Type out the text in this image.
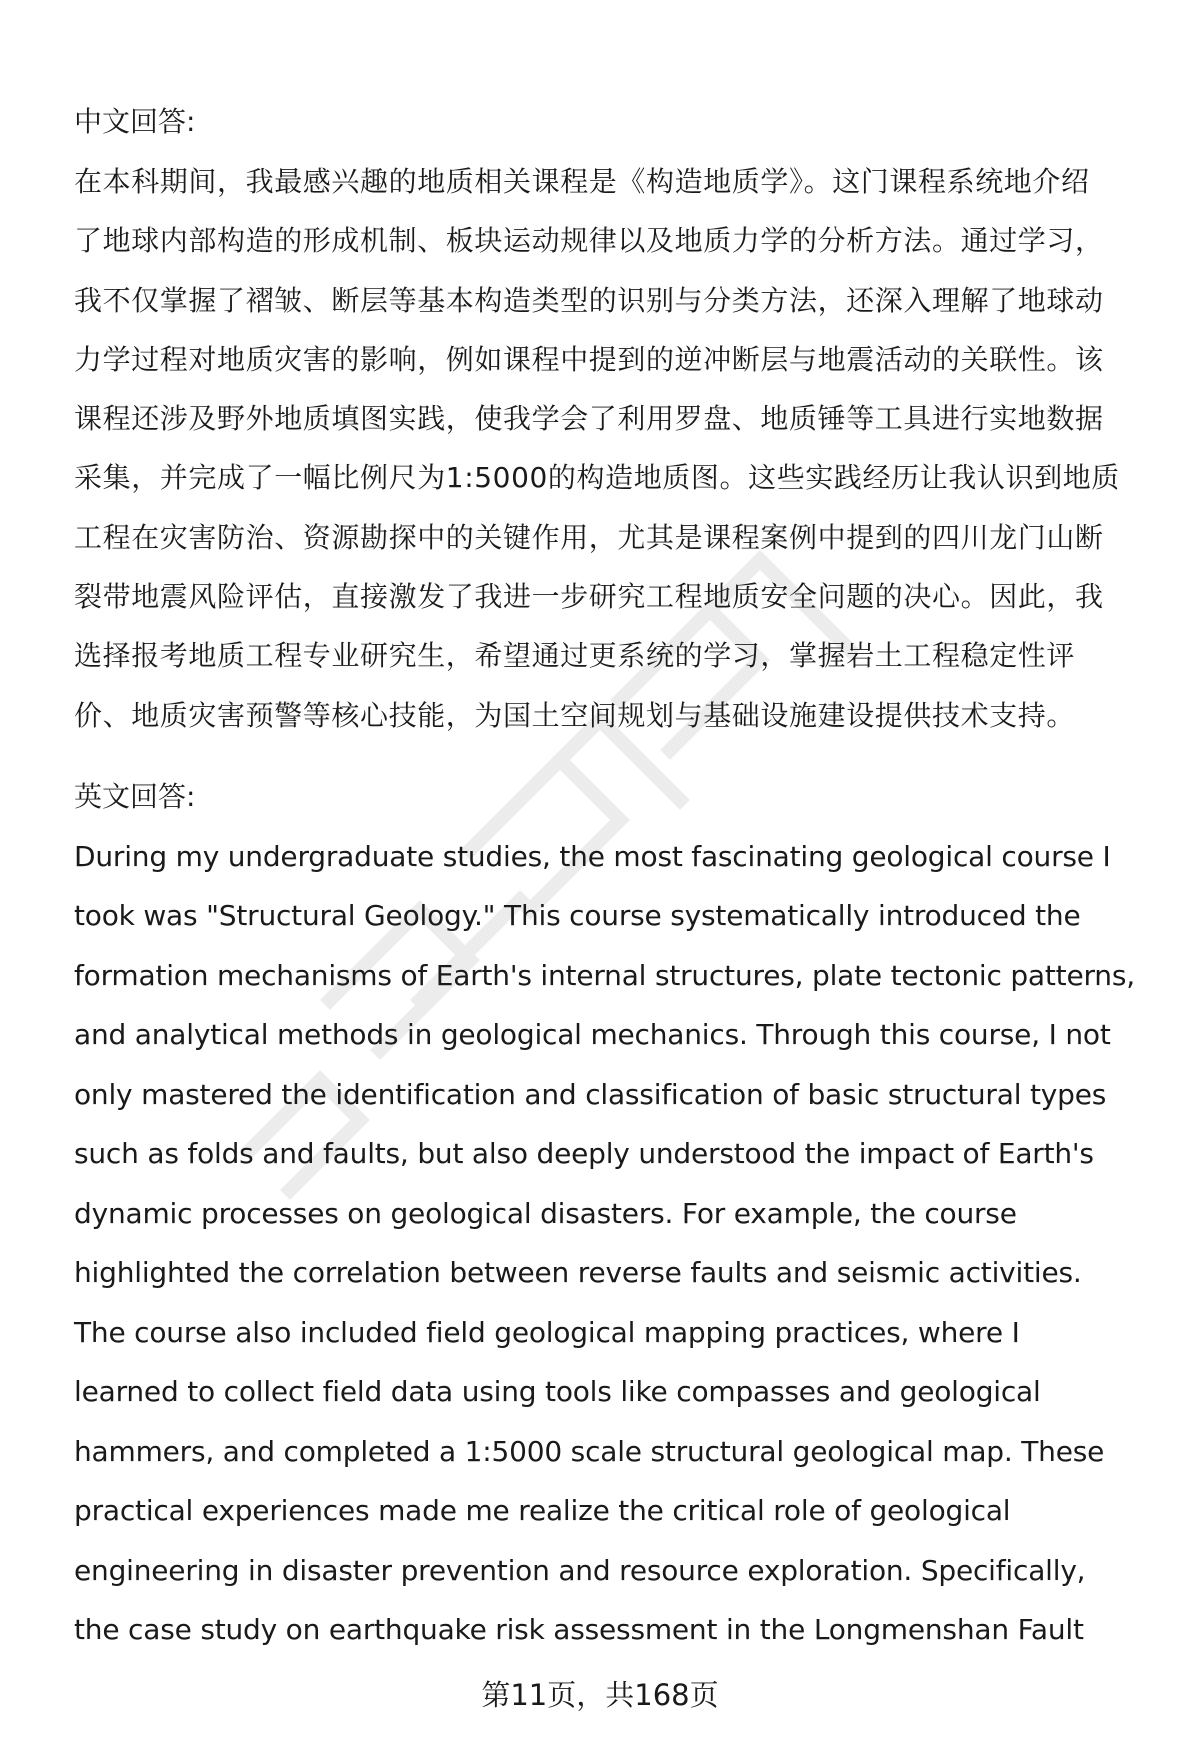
中文回答:

在本科期间，我最感兴趣的地质相关课程是《构造地质学》。这门课程系统地介绍
了地球内部构造的形成机制、板块运动规律以及地质力学的分析方法。通过学习，
我不仅掌握了褶皱、断层等基本构造类型的识别与分类方法，还深入理解了地球动
力学过程对地质灾害的影响，例如课程中提到的逆冲断层与地震活动的关联性。该
课程还涉及野外地质填图实践，使我学会了利用罗盘、地质锤等工具进行实地数据
采集，并完成了一幅比例尺为1:5000的构造地质图。这些实践经历让我认识到地质
工程在灾害防治、资源勘探中的关键作用，尤其是课程案例中提到的四川龙门山断
裂带地震风险评估，直接激发了我进一步研究工程地质安全问题的决心。因此，我
选择报考地质工程专业研究生，希望通过更系统的学习，掌握岩土工程稳定性评
价、地质灾害预警等核心技能，为国土空间规划与基础设施建设提供技术支持。

英文回答:

During my undergraduate studies, the most fascinating geological course I
took was "Structural Geology." This course systematically introduced the
formation mechanisms of Earth's internal structures, plate tectonic patterns,
and analytical methods in geological mechanics. Through this course, I not
only mastered the identification and classification of basic structural types
such as folds and faults, but also deeply understood the impact of Earth's
dynamic processes on geological disasters. For example, the course
highlighted the correlation between reverse faults and seismic activities.
The course also included field geological mapping practices, where I
learned to collect field data using tools like compasses and geological
hammers, and completed a 1:5000 scale structural geological map. These
practical experiences made me realize the critical role of geological
engineering in disaster prevention and resource exploration. Specifically,
the case study on earthquake risk assessment in the Longmenshan Fault
第11页，共168页
